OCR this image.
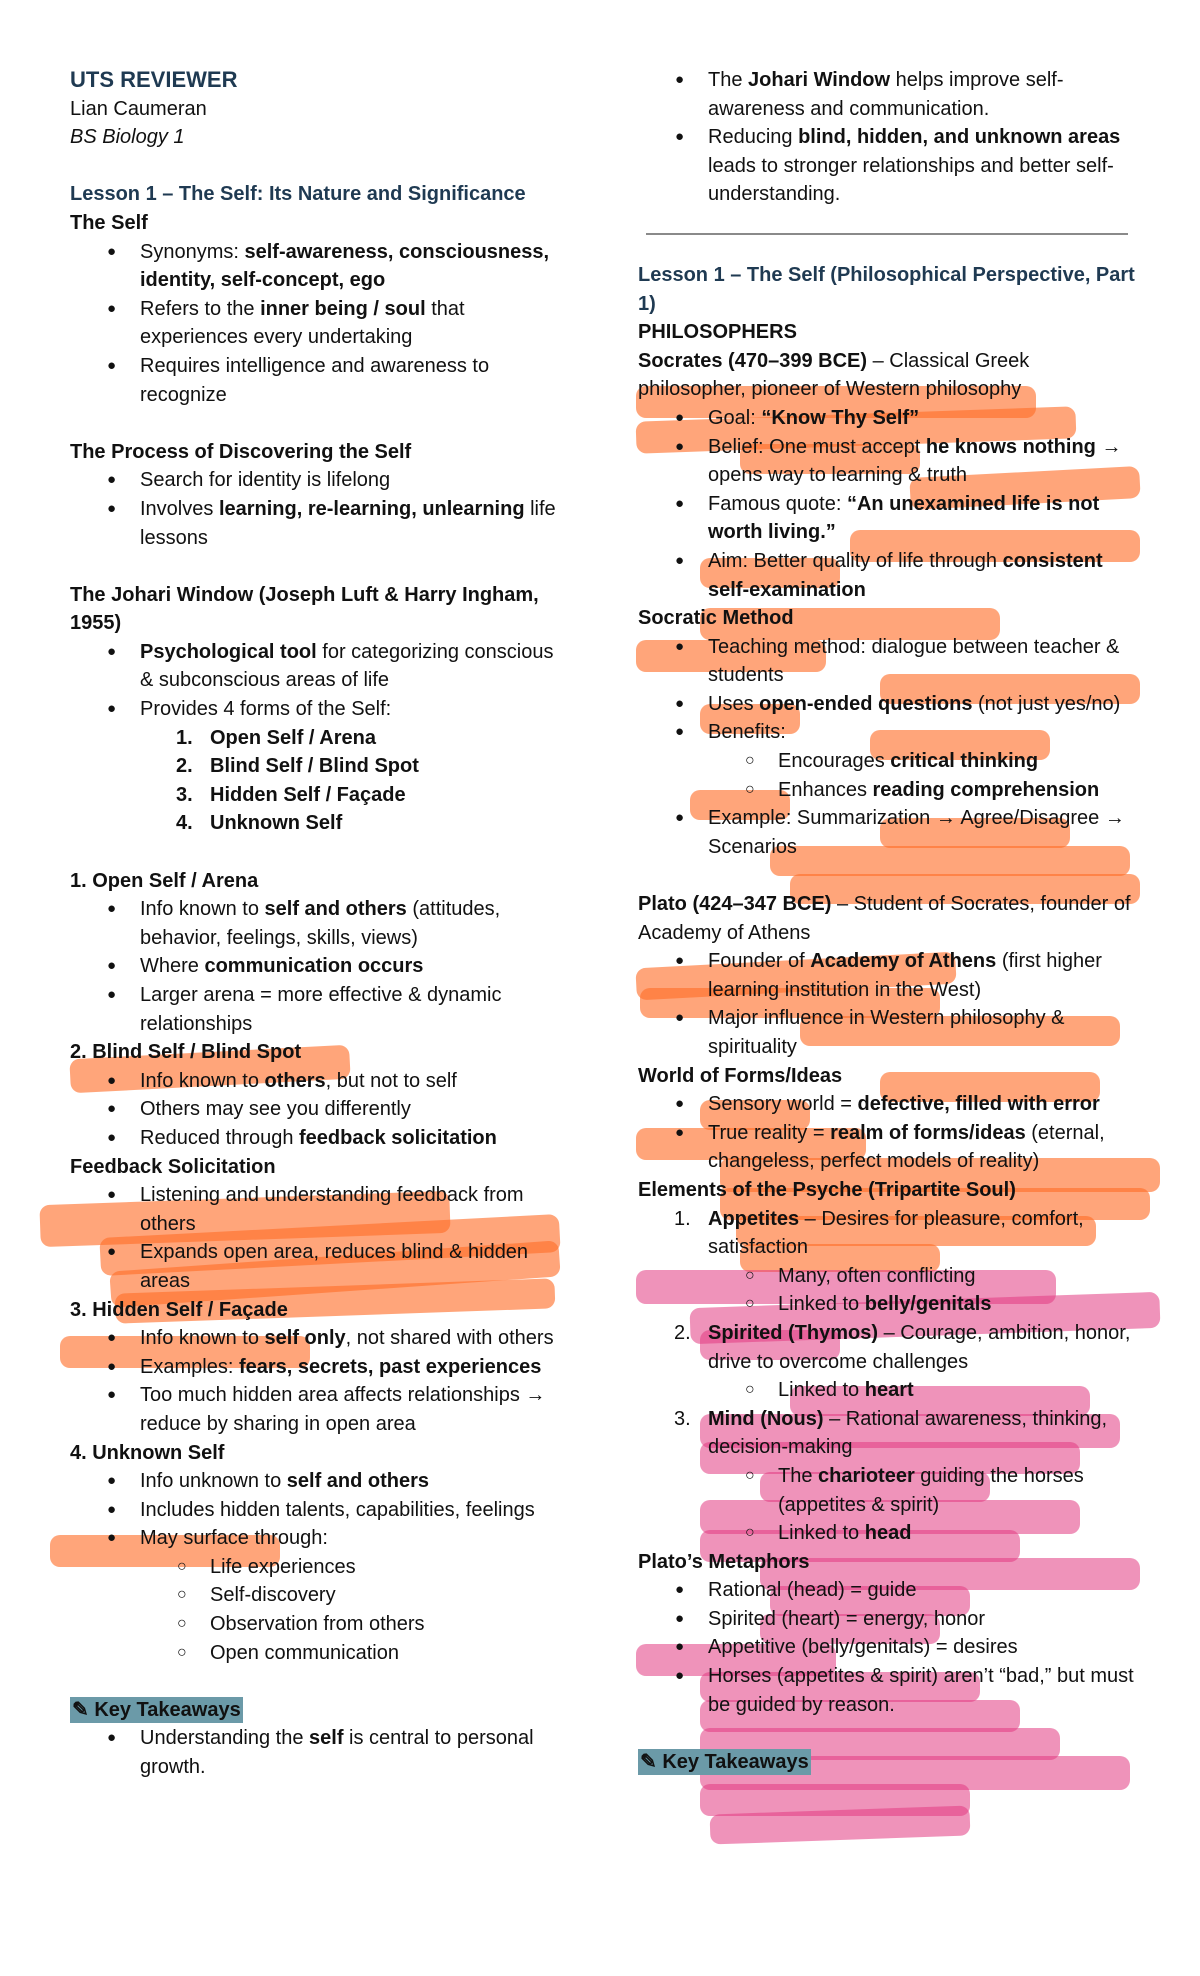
UTS REVIEWER
Lian Caumeran
BS Biology 1
Lesson 1 – The Self: Its Nature and Significance
The Self
● Synonyms: self-awareness, consciousness, identity, self-concept, ego
● Refers to the inner being / soul that experiences every undertaking
● Requires intelligence and awareness to recognize
The Process of Discovering the Self
● Search for identity is lifelong
● Involves learning, re-learning, unlearning life lessons
The Johari Window (Joseph Luft & Harry Ingham, 1955)
● Psychological tool for categorizing conscious & subconscious areas of life
● Provides 4 forms of the Self:
1. Open Self / Arena
2. Blind Self / Blind Spot
3. Hidden Self / Façade
4. Unknown Self
1. Open Self / Arena
● Info known to self and others (attitudes, behavior, feelings, skills, views)
● Where communication occurs
● Larger arena = more effective & dynamic relationships
2. Blind Self / Blind Spot
● Info known to others, but not to self
● Others may see you differently
● Reduced through feedback solicitation
Feedback Solicitation
● Listening and understanding feedback from others
● Expands open area, reduces blind & hidden areas
3. Hidden Self / Façade
● Info known to self only, not shared with others
● Examples: fears, secrets, past experiences
● Too much hidden area affects relationships → reduce by sharing in open area
4. Unknown Self
● Info unknown to self and others
● Includes hidden talents, capabilities, feelings
● May surface through:
○ Life experiences
○ Self-discovery
○ Observation from others
○ Open communication
✎ Key Takeaways
● Understanding the self is central to personal growth.
● The Johari Window helps improve self-awareness and communication.
● Reducing blind, hidden, and unknown areas leads to stronger relationships and better self-understanding.
Lesson 1 – The Self (Philosophical Perspective, Part 1)
PHILOSOPHERS
Socrates (470–399 BCE) – Classical Greek philosopher, pioneer of Western philosophy
● Goal: “Know Thy Self”
● Belief: One must accept he knows nothing → opens way to learning & truth
● Famous quote: “An unexamined life is not worth living.”
● Aim: Better quality of life through consistent self-examination
Socratic Method
● Teaching method: dialogue between teacher & students
● Uses open-ended questions (not just yes/no)
● Benefits:
○ Encourages critical thinking
○ Enhances reading comprehension
● Example: Summarization → Agree/Disagree → Scenarios
Plato (424–347 BCE) – Student of Socrates, founder of Academy of Athens
● Founder of Academy of Athens (first higher learning institution in the West)
● Major influence in Western philosophy & spirituality
World of Forms/Ideas
● Sensory world = defective, filled with error
● True reality = realm of forms/ideas (eternal, changeless, perfect models of reality)
Elements of the Psyche (Tripartite Soul)
1. Appetites – Desires for pleasure, comfort, satisfaction
○ Many, often conflicting
○ Linked to belly/genitals
2. Spirited (Thymos) – Courage, ambition, honor, drive to overcome challenges
○ Linked to heart
3. Mind (Nous) – Rational awareness, thinking, decision-making
○ The charioteer guiding the horses (appetites & spirit)
○ Linked to head
Plato’s Metaphors
● Rational (head) = guide
● Spirited (heart) = energy, honor
● Appetitive (belly/genitals) = desires
● Horses (appetites & spirit) aren’t “bad,” but must be guided by reason.
✎ Key Takeaways
